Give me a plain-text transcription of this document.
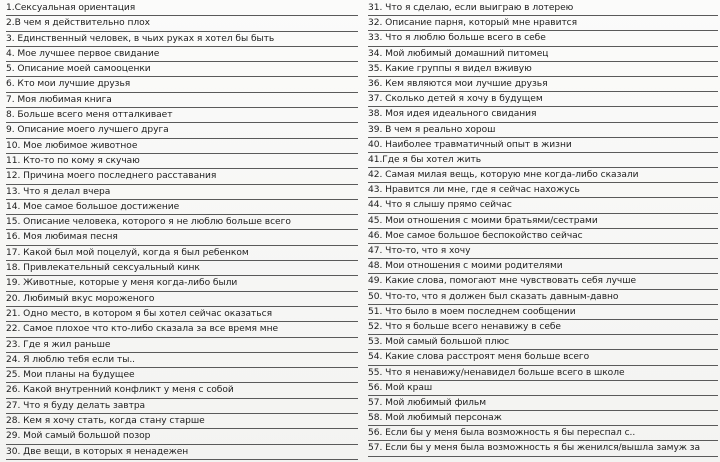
1.Сексуальная ориентация
2.В чем я действительно плох
3. Единственный человек, в чьих руках я хотел бы быть
4. Мое лучшее первое свидание
5. Описание моей самооценки
6. Кто мои лучшие друзья
7. Моя любимая книга
8. Больше всего меня отталкивает
9. Описание моего лучшего друга
10. Мое любимое животное
11. Кто-то по кому я скучаю
12. Причина моего последнего расставания
13. Что я делал вчера
14. Мое самое большое достижение
15. Описание человека, которого я не люблю больше всего
16. Моя любимая песня
17. Какой был мой поцелуй, когда я был ребенком
18. Привлекательный сексуальный кинк
19. Животные, которые у меня когда-либо были
20. Любимый вкус мороженого
21. Одно место, в котором я бы хотел сейчас оказаться
22. Самое плохое что кто-либо сказала за все время мне
23. Где я жил раньше
24. Я люблю тебя если ты..
25. Мои планы на будущее
26. Какой внутренний конфликт у меня с собой
27. Что я буду делать завтра
28. Кем я хочу стать, когда стану старше
29. Мой самый большой позор
30. Две вещи, в которых я ненадежен
31. Что я сделаю, если выиграю в лотерею
32. Описание парня, который мне нравится
33. Что я люблю больше всего в себе
34. Мой любимый домашний питомец
35. Какие группы я видел вживую
36. Кем являются мои лучшие друзья
37. Сколько детей я хочу в будущем
38. Моя идея идеального свидания
39. В чем я реально хорош
40. Наиболее травматичный опыт в жизни
41.Где я бы хотел жить
42. Самая милая вещь, которую мне когда-либо сказали
43. Нравится ли мне, где я сейчас нахожусь
44. Что я слышу прямо сейчас
45. Мои отношения с моими братьями/сестрами
46. Мое самое большое беспокойство сейчас
47. Что-то, что я хочу
48. Мои отношения с моими родителями
49. Какие слова, помогают мне чувствовать себя лучше
50. Что-то, что я должен был сказать давным-давно
51. Что было в моем последнем сообщении
52. Что я больше всего ненавижу в себе
53. Мой самый большой плюс
54. Какие слова расстроят меня больше всего
55. Что я ненавижу/ненавидел больше всего в школе
56. Мой краш
57. Мой любимый фильм
58. Мой любимый персонаж
56. Если бы у меня была возможность я бы переспал с..
57. Если бы у меня была возможность я бы женился/вышла замуж за
